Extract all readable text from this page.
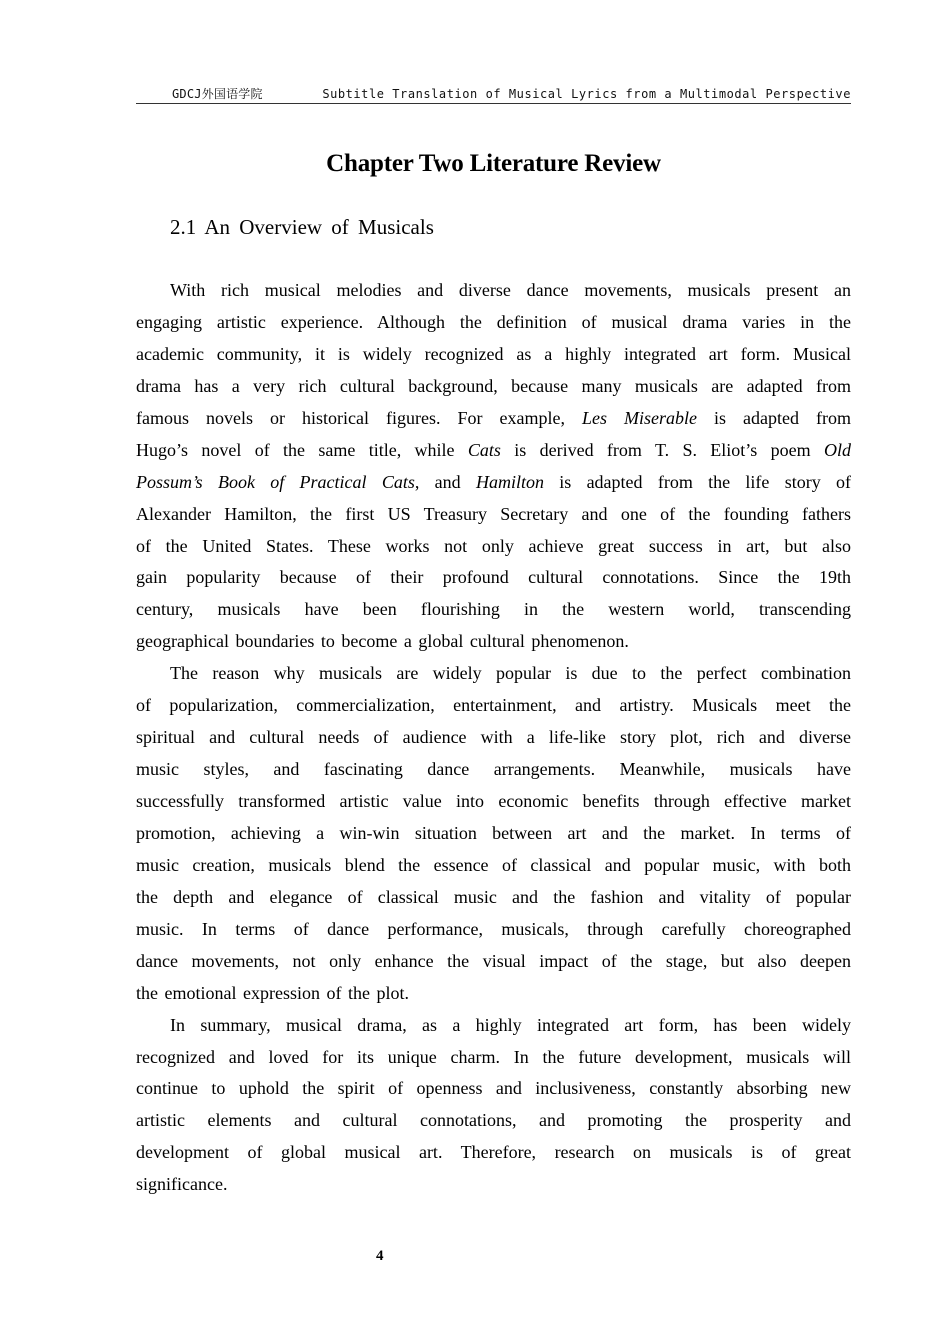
GDCJ外国语学院	Subtitle Translation of Musical Lyrics from a Multimodal Perspective
Chapter Two Literature Review
2.1 An Overview of Musicals
With rich musical melodies and diverse dance movements, musicals present an
engaging artistic experience. Although the definition of musical drama varies in the
academic community, it is widely recognized as a highly integrated art form. Musical
drama has a very rich cultural background, because many musicals are adapted from
famous novels or historical figures. For example, Les Miserable is adapted from
Hugo’s novel of the same title, while Cats is derived from T. S. Eliot’s poem Old
Possum’s Book of Practical Cats, and Hamilton is adapted from the life story of
Alexander Hamilton, the first US Treasury Secretary and one of the founding fathers
of the United States. These works not only achieve great success in art, but also
gain popularity because of their profound cultural connotations. Since the 19th
century, musicals have been flourishing in the western world, transcending
geographical boundaries to become a global cultural phenomenon.
The reason why musicals are widely popular is due to the perfect combination
of popularization, commercialization, entertainment, and artistry. Musicals meet the
spiritual and cultural needs of audience with a life-like story plot, rich and diverse
music styles, and fascinating dance arrangements. Meanwhile, musicals have
successfully transformed artistic value into economic benefits through effective market
promotion, achieving a win-win situation between art and the market. In terms of
music creation, musicals blend the essence of classical and popular music, with both
the depth and elegance of classical music and the fashion and vitality of popular
music. In terms of dance performance, musicals, through carefully choreographed
dance movements, not only enhance the visual impact of the stage, but also deepen
the emotional expression of the plot.
In summary, musical drama, as a highly integrated art form, has been widely
recognized and loved for its unique charm. In the future development, musicals will
continue to uphold the spirit of openness and inclusiveness, constantly absorbing new
artistic elements and cultural connotations, and promoting the prosperity and
development of global musical art. Therefore, research on musicals is of great
significance.
4
